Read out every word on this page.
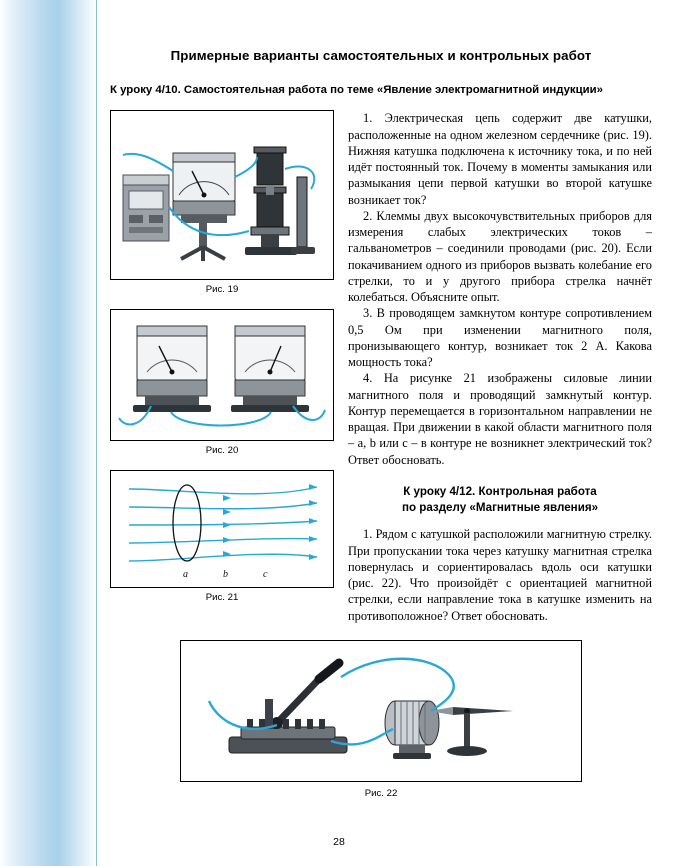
Примерные варианты самостоятельных и контрольных работ
К уроку 4/10. Самостоятельная работа по теме «Явление электромагнитной индукции»
Рис. 19
Рис. 20
a	b	c
Рис. 21

1. Электрическая цепь содержит две катушки, расположенные на одном железном сердечнике (рис. 19). Нижняя катушка подключена к источнику тока, и по ней идёт постоянный ток. Почему в моменты замыкания или размыкания цепи первой катушки во второй катушке возникает ток?

2. Клеммы двух высокочувствительных приборов для измерения слабых электрических токов – гальванометров – соединили проводами (рис. 20). Если покачиванием одного из приборов вызвать колебание его стрелки, то и у другого прибора стрелка начнёт колебаться. Объясните опыт.

3. В проводящем замкнутом контуре сопротивлением 0,5 Ом при изменении магнитного поля, пронизывающего контур, возникает ток 2 А. Какова мощность тока?

4. На рисунке 21 изображены силовые линии магнитного поля и проводящий замкнутый контур. Контур перемещается в горизонтальном направлении не вращая. При движении в какой области магнитного поля – a, b или c – в контуре не возникнет электрический ток? Ответ обосновать.

К уроку 4/12. Контрольная работа
по разделу «Магнитные явления»

1. Рядом с катушкой расположили магнитную стрелку. При пропускании тока через катушку магнитная стрелка повернулась и сориентировалась вдоль оси катушки (рис. 22). Что произойдёт с ориентацией магнитной стрелки, если направление тока в катушке изменить на противоположное? Ответ обосновать.

Рис. 22
28
